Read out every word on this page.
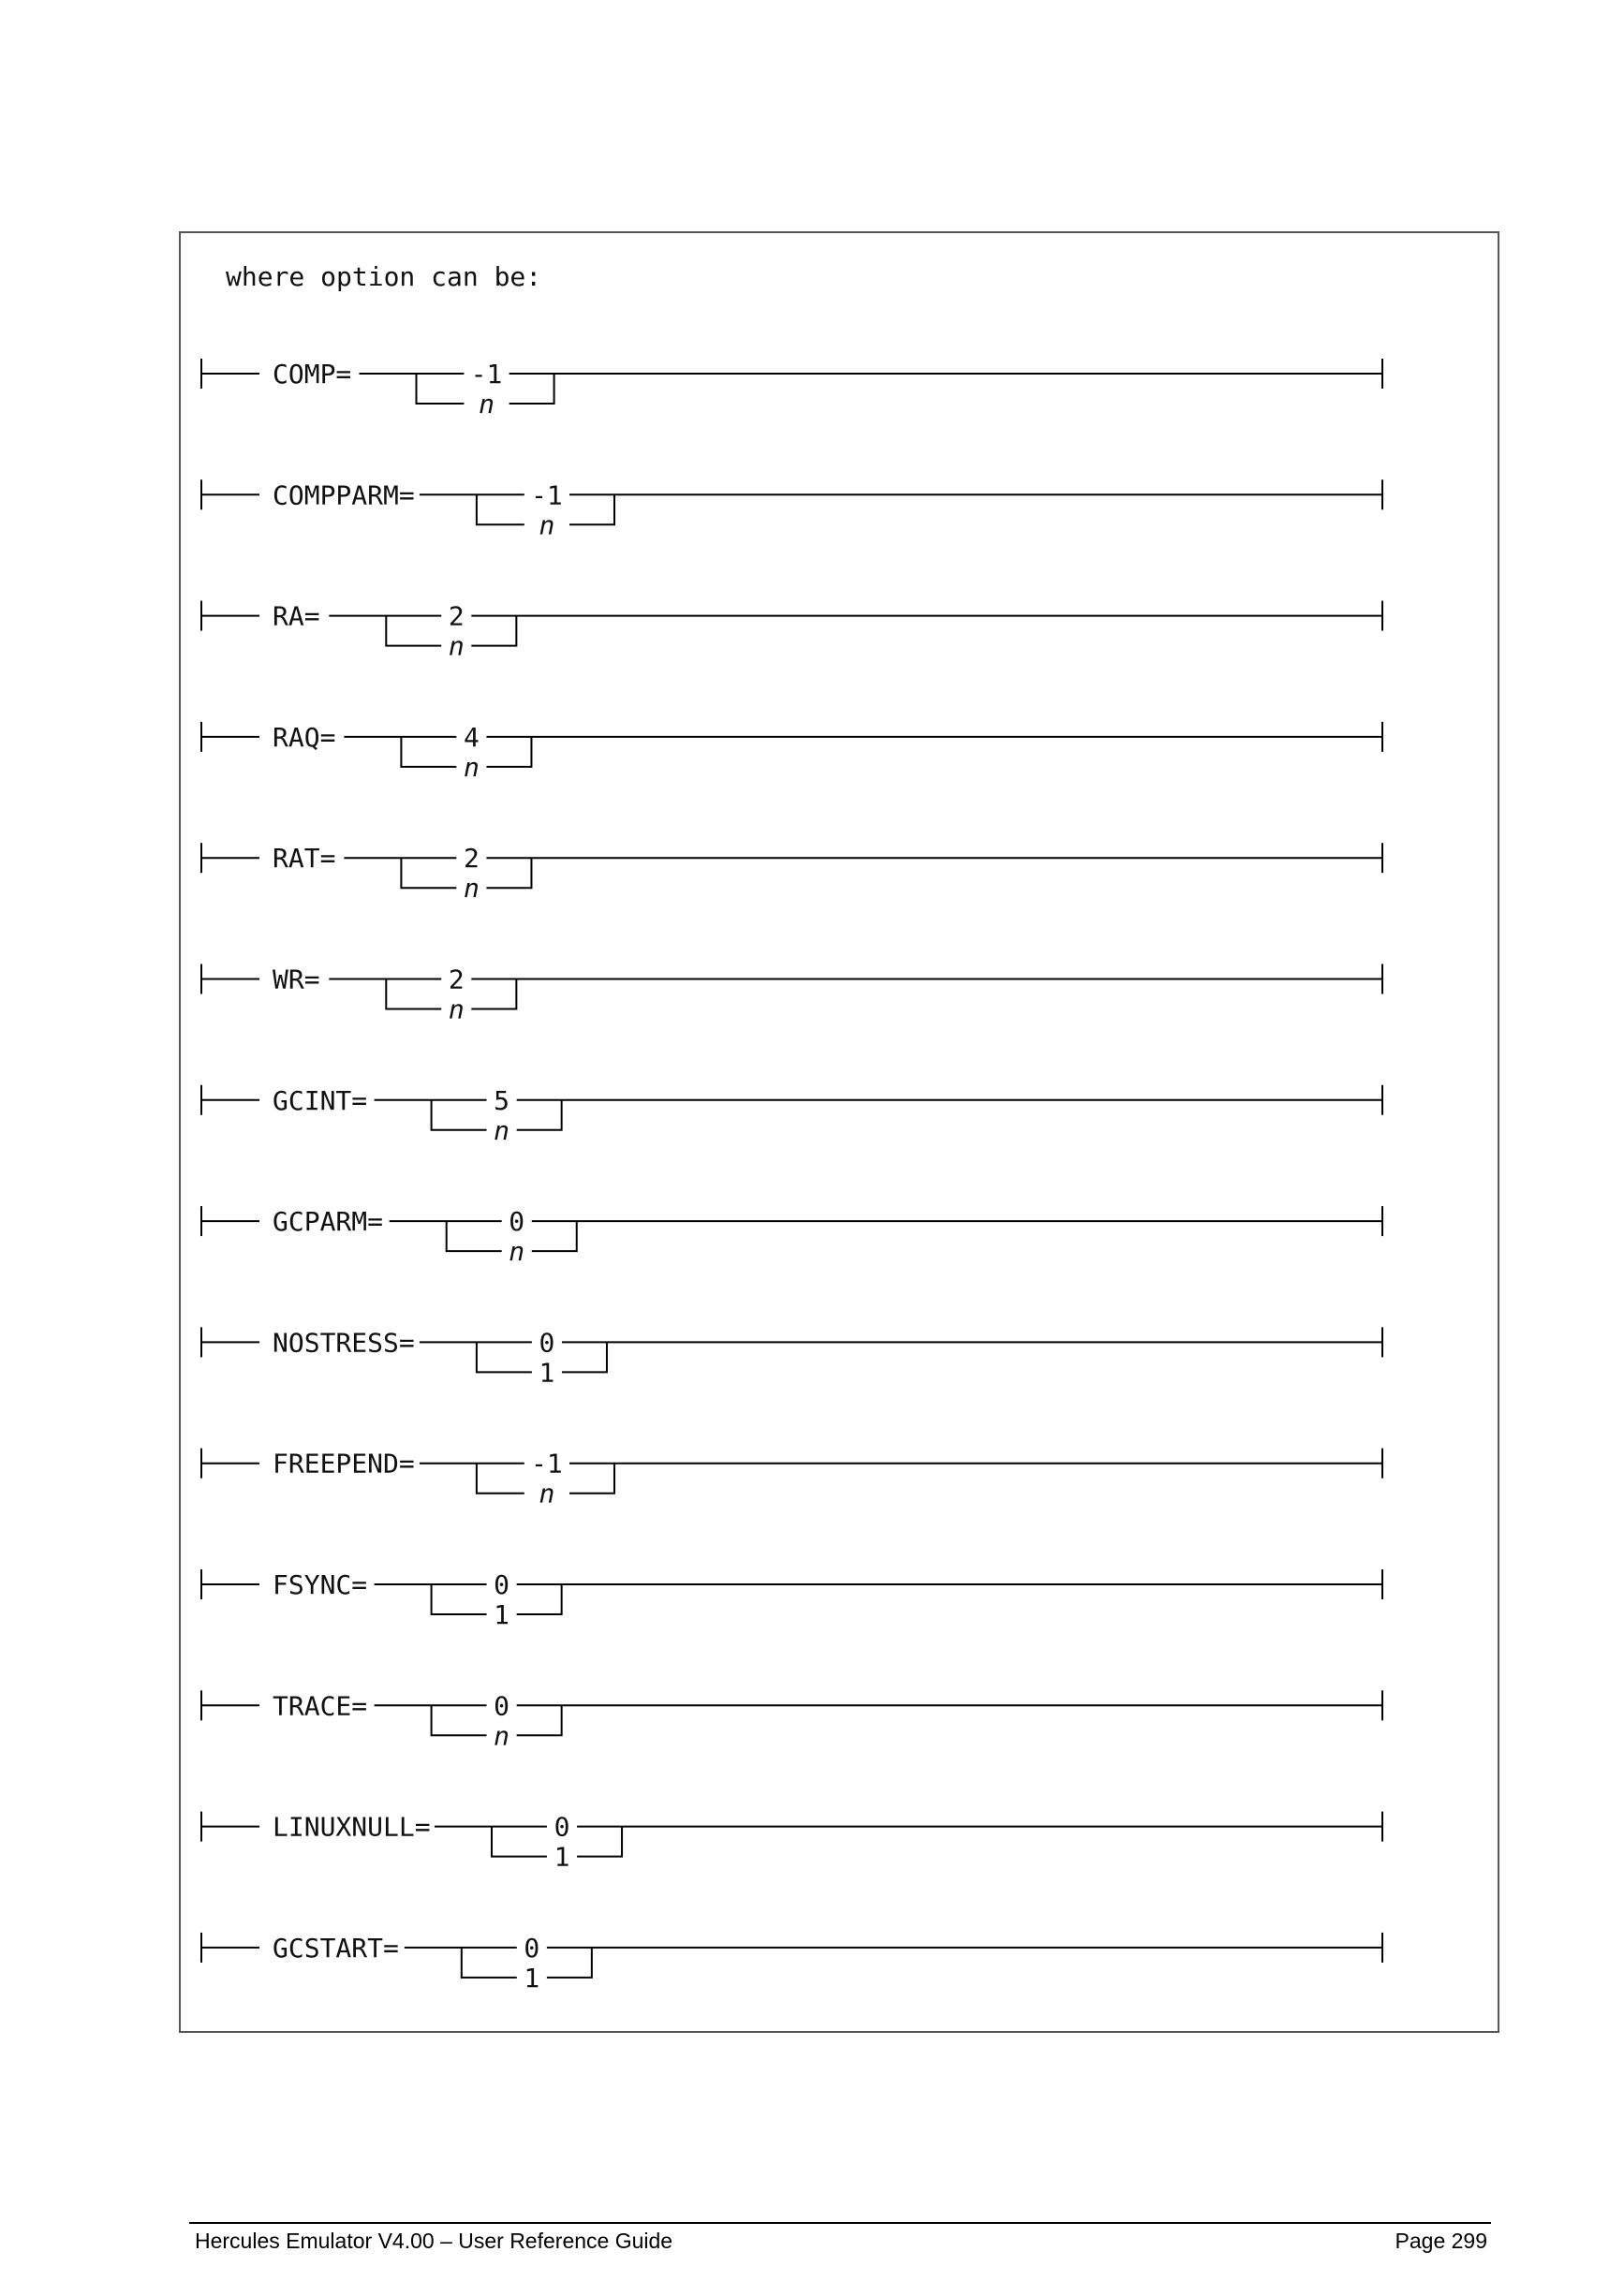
where option can be:
COMP=	-1
n
COMPPARM=	-1
n
RA=	2
n
RAQ=	4
n
RAT=	2
n
WR=	2
n
GCINT=	5
n
GCPARM=	0
n
NOSTRESS=	0
1
FREEPEND=	-1
n
FSYNC=	0
1
TRACE=	0
n
LINUXNULL=	0
1
GCSTART=	0
1
Hercules Emulator V4.00 – User Reference Guide	Page 299
